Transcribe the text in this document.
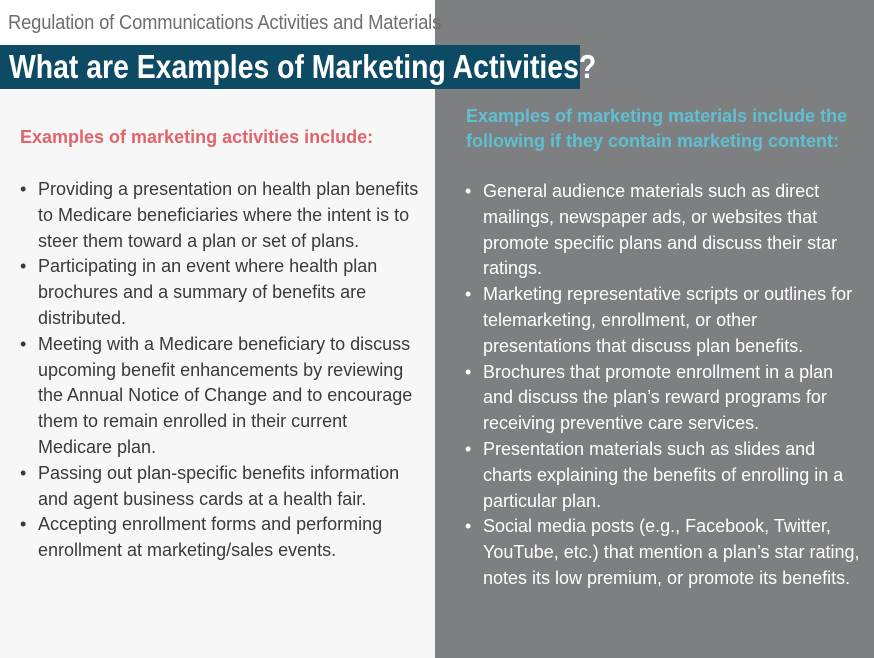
Regulation of Communications Activities and Materials
What are Examples of Marketing Activities?
Examples of marketing activities include:
• Providing a presentation on health plan benefits to Medicare beneficiaries where the intent is to steer them toward a plan or set of plans.
• Participating in an event where health plan brochures and a summary of benefits are distributed.
• Meeting with a Medicare beneficiary to discuss upcoming benefit enhancements by reviewing the Annual Notice of Change and to encourage them to remain enrolled in their current Medicare plan.
• Passing out plan-specific benefits information and agent business cards at a health fair.
• Accepting enrollment forms and performing enrollment at marketing/sales events.
Examples of marketing materials include the following if they contain marketing content:
• General audience materials such as direct mailings, newspaper ads, or websites that promote specific plans and discuss their star ratings.
• Marketing representative scripts or outlines for telemarketing, enrollment, or other presentations that discuss plan benefits.
• Brochures that promote enrollment in a plan and discuss the plan’s reward programs for receiving preventive care services.
• Presentation materials such as slides and charts explaining the benefits of enrolling in a particular plan.
• Social media posts (e.g., Facebook, Twitter, YouTube, etc.) that mention a plan’s star rating, notes its low premium, or promote its benefits.
